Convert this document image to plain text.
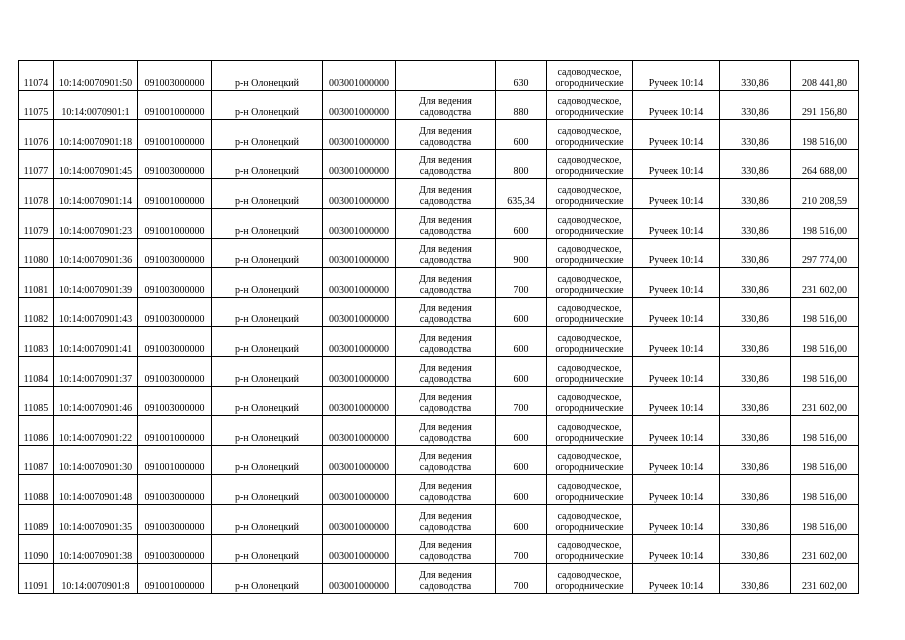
11074	10:14:0070901:50	091003000000	р-н Олонецкий	003001000000		630	садоводческое,
огороднические	Ручеек 10:14	330,86	208 441,80
11075	10:14:0070901:1	091001000000	р-н Олонецкий	003001000000	Для ведения
садоводства	880	садоводческое,
огороднические	Ручеек 10:14	330,86	291 156,80
11076	10:14:0070901:18	091001000000	р-н Олонецкий	003001000000	Для ведения
садоводства	600	садоводческое,
огороднические	Ручеек 10:14	330,86	198 516,00
11077	10:14:0070901:45	091003000000	р-н Олонецкий	003001000000	Для ведения
садоводства	800	садоводческое,
огороднические	Ручеек 10:14	330,86	264 688,00
11078	10:14:0070901:14	091001000000	р-н Олонецкий	003001000000	Для ведения
садоводства	635,34	садоводческое,
огороднические	Ручеек 10:14	330,86	210 208,59
11079	10:14:0070901:23	091001000000	р-н Олонецкий	003001000000	Для ведения
садоводства	600	садоводческое,
огороднические	Ручеек 10:14	330,86	198 516,00
11080	10:14:0070901:36	091003000000	р-н Олонецкий	003001000000	Для ведения
садоводства	900	садоводческое,
огороднические	Ручеек 10:14	330,86	297 774,00
11081	10:14:0070901:39	091003000000	р-н Олонецкий	003001000000	Для ведения
садоводства	700	садоводческое,
огороднические	Ручеек 10:14	330,86	231 602,00
11082	10:14:0070901:43	091003000000	р-н Олонецкий	003001000000	Для ведения
садоводства	600	садоводческое,
огороднические	Ручеек 10:14	330,86	198 516,00
11083	10:14:0070901:41	091003000000	р-н Олонецкий	003001000000	Для ведения
садоводства	600	садоводческое,
огороднические	Ручеек 10:14	330,86	198 516,00
11084	10:14:0070901:37	091003000000	р-н Олонецкий	003001000000	Для ведения
садоводства	600	садоводческое,
огороднические	Ручеек 10:14	330,86	198 516,00
11085	10:14:0070901:46	091003000000	р-н Олонецкий	003001000000	Для ведения
садоводства	700	садоводческое,
огороднические	Ручеек 10:14	330,86	231 602,00
11086	10:14:0070901:22	091001000000	р-н Олонецкий	003001000000	Для ведения
садоводства	600	садоводческое,
огороднические	Ручеек 10:14	330,86	198 516,00
11087	10:14:0070901:30	091001000000	р-н Олонецкий	003001000000	Для ведения
садоводства	600	садоводческое,
огороднические	Ручеек 10:14	330,86	198 516,00
11088	10:14:0070901:48	091003000000	р-н Олонецкий	003001000000	Для ведения
садоводства	600	садоводческое,
огороднические	Ручеек 10:14	330,86	198 516,00
11089	10:14:0070901:35	091003000000	р-н Олонецкий	003001000000	Для ведения
садоводства	600	садоводческое,
огороднические	Ручеек 10:14	330,86	198 516,00
11090	10:14:0070901:38	091003000000	р-н Олонецкий	003001000000	Для ведения
садоводства	700	садоводческое,
огороднические	Ручеек 10:14	330,86	231 602,00
11091	10:14:0070901:8	091001000000	р-н Олонецкий	003001000000	Для ведения
садоводства	700	садоводческое,
огороднические	Ручеек 10:14	330,86	231 602,00
